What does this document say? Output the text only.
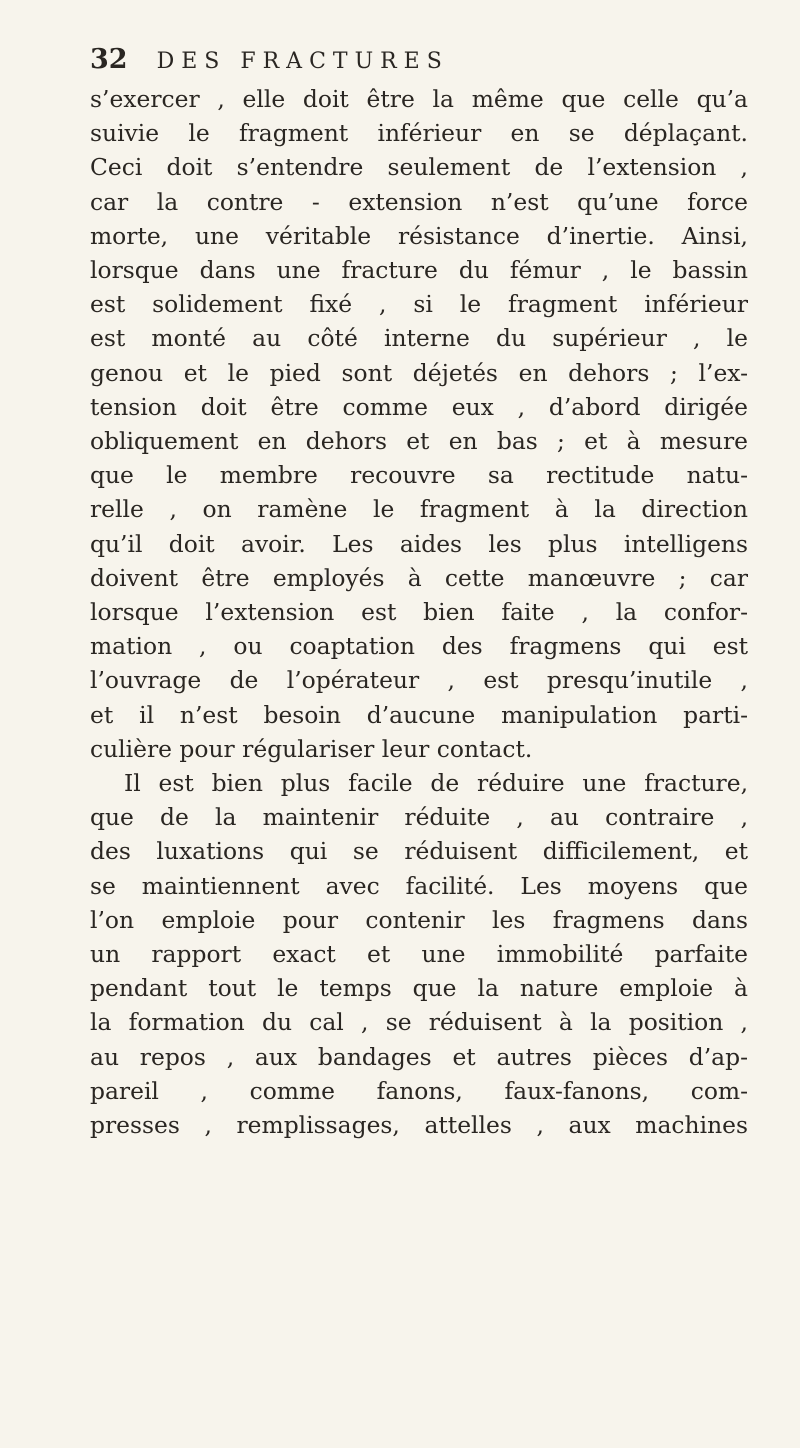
32 DES FRACTURES
s’exercer , elle doit être la même que celle qu’a
suivie le fragment inférieur en se déplaçant.
Ceci doit s’entendre seulement de l’extension ,
car la contre - extension n’est qu’une force
morte, une véritable résistance d’inertie. Ainsi,
lorsque dans une fracture du fémur , le bassin
est solidement fixé , si le fragment inférieur
est monté au côté interne du supérieur , le
genou et le pied sont déjetés en dehors ; l’ex-
tension doit être comme eux , d’abord dirigée
obliquement en dehors et en bas ; et à mesure
que le membre recouvre sa rectitude natu-
relle , on ramène le fragment à la direction
qu’il doit avoir. Les aides les plus intelligens
doivent être employés à cette manœuvre ; car
lorsque l’extension est bien faite , la confor-
mation , ou coaptation des fragmens qui est
l’ouvrage de l’opérateur , est presqu’inutile ,
et il n’est besoin d’aucune manipulation parti-
culière pour régulariser leur contact.
Il est bien plus facile de réduire une fracture,
que de la maintenir réduite , au contraire ,
des luxations qui se réduisent difficilement, et
se maintiennent avec facilité. Les moyens que
l’on emploie pour contenir les fragmens dans
un rapport exact et une immobilité parfaite
pendant tout le temps que la nature emploie à
la formation du cal , se réduisent à la position ,
au repos , aux bandages et autres pièces d’ap-
pareil , comme fanons, faux-fanons, com-
presses , remplissages, attelles , aux machines
